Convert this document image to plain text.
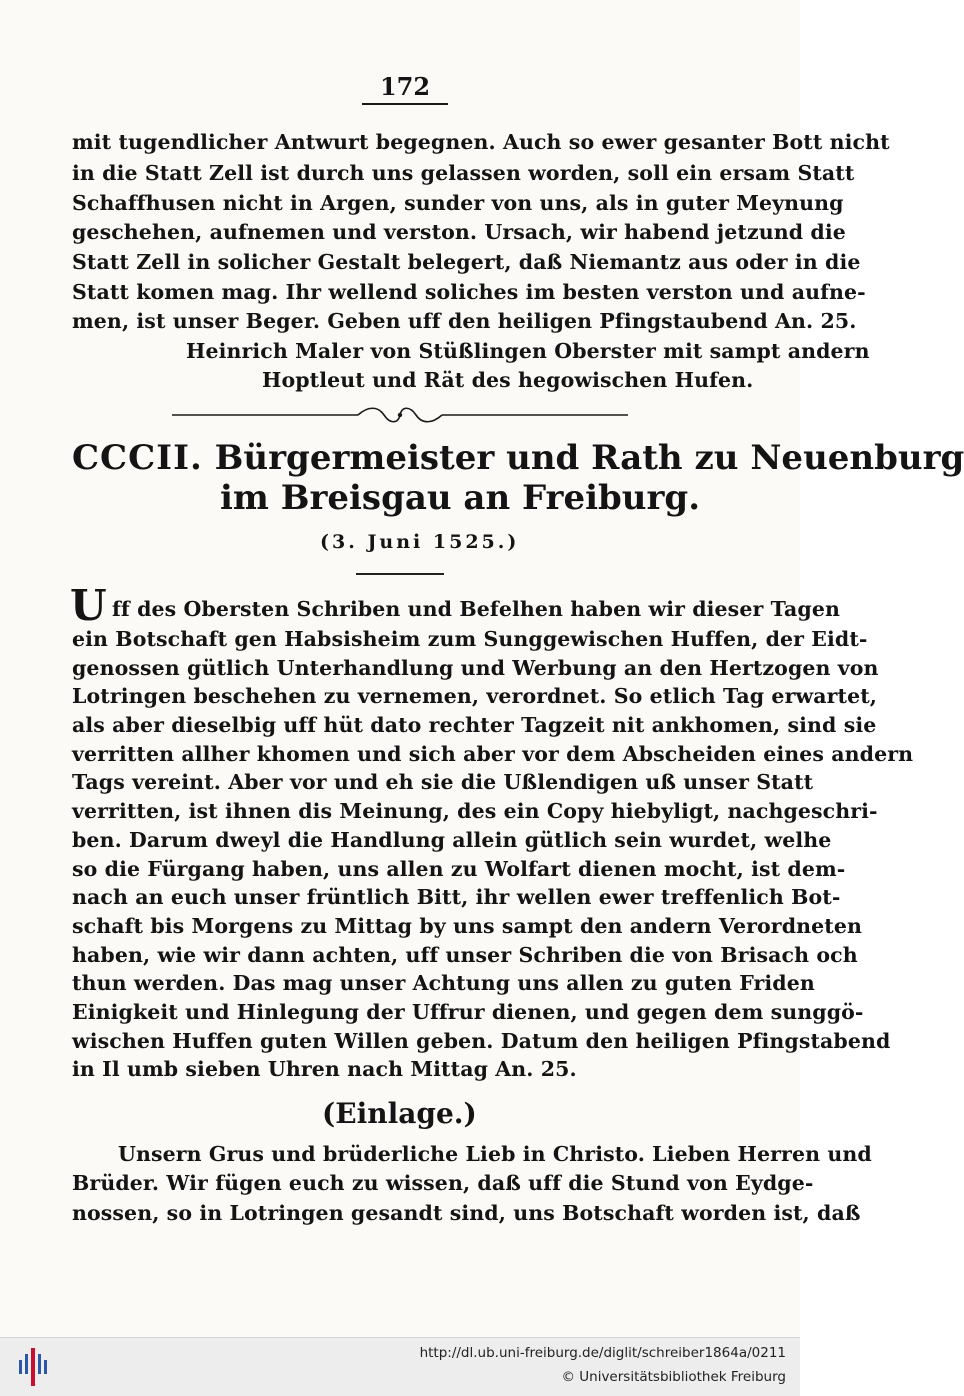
172
mit tugendlicher Antwurt begegnen. Auch so ewer gesanter Bott nicht
in die Statt Zell ist durch uns gelassen worden, soll ein ersam Statt
Schaffhusen nicht in Argen, sunder von uns, als in guter Meynung
geschehen, aufnemen und verston. Ursach, wir habend jetzund die
Statt Zell in solicher Gestalt belegert, daß Niemantz aus oder in die
Statt komen mag. Ihr wellend soliches im besten verston und aufne-
men, ist unser Beger. Geben uff den heiligen Pfingstaubend An. 25.
Heinrich Maler von Stüßlingen Oberster mit sampt andern
Hoptleut und Rät des hegowischen Hufen.
CCCII. Bürgermeister und Rath zu Neuenburg
im Breisgau an Freiburg.
(3. Juni 1525.)
U ff des Obersten Schriben und Befelhen haben wir dieser Tagen
ein Botschaft gen Habsisheim zum Sunggewischen Huffen, der Eidt-
genossen gütlich Unterhandlung und Werbung an den Hertzogen von
Lotringen beschehen zu vernemen, verordnet. So etlich Tag erwartet,
als aber dieselbig uff hüt dato rechter Tagzeit nit ankhomen, sind sie
verritten allher khomen und sich aber vor dem Abscheiden eines andern
Tags vereint. Aber vor und eh sie die Ußlendigen uß unser Statt
verritten, ist ihnen dis Meinung, des ein Copy hiebyligt, nachgeschri-
ben. Darum dweyl die Handlung allein gütlich sein wurdet, welhe
so die Fürgang haben, uns allen zu Wolfart dienen mocht, ist dem-
nach an euch unser früntlich Bitt, ihr wellen ewer treffenlich Bot-
schaft bis Morgens zu Mittag by uns sampt den andern Verordneten
haben, wie wir dann achten, uff unser Schriben die von Brisach och
thun werden. Das mag unser Achtung uns allen zu guten Friden
Einigkeit und Hinlegung der Uffrur dienen, und gegen dem sunggö-
wischen Huffen guten Willen geben. Datum den heiligen Pfingstabend
in Il umb sieben Uhren nach Mittag An. 25.
(Einlage.)
Unsern Grus und brüderliche Lieb in Christo. Lieben Herren und
Brüder. Wir fügen euch zu wissen, daß uff die Stund von Eydge-
nossen, so in Lotringen gesandt sind, uns Botschaft worden ist, daß
http://dl.ub.uni-freiburg.de/diglit/schreiber1864a/0211
© Universitätsbibliothek Freiburg
